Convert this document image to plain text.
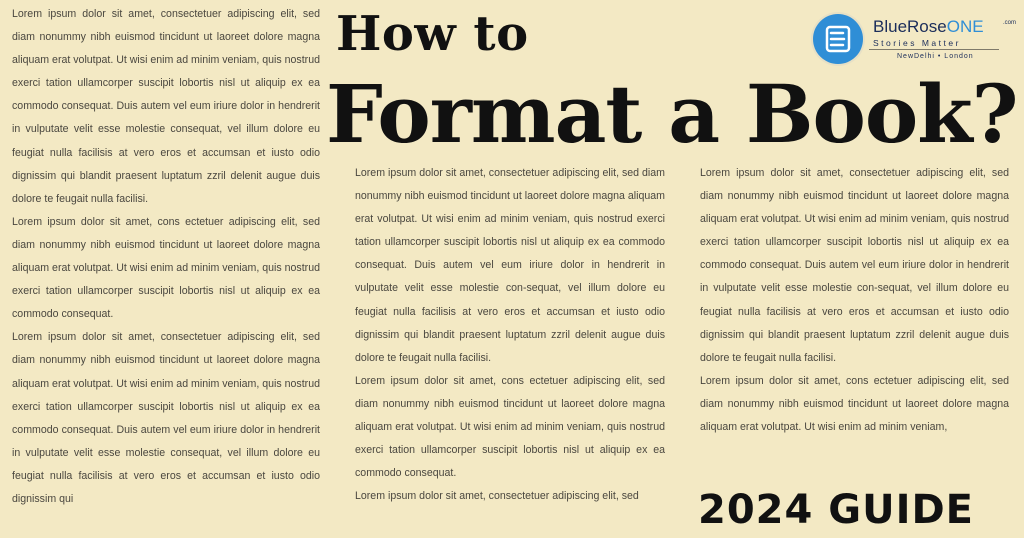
Lorem ipsum dolor sit amet, consectetuer adipiscing elit, sed diam nonummy nibh euismod tincidunt ut laoreet dolore magna aliquam erat volutpat. Ut wisi enim ad minim veniam, quis nostrud exerci tation ullamcorper suscipit lobortis nisl ut aliquip ex ea commodo consequat. Duis autem vel eum iriure dolor in hendrerit in vulputate velit esse molestie consequat, vel illum dolore eu feugiat nulla facilisis at vero eros et accumsan et iusto odio dignissim qui blandit praesent luptatum zzril delenit augue duis dolore te feugait nulla facilisi.

Lorem ipsum dolor sit amet, cons ectetuer adipiscing elit, sed diam nonummy nibh euismod tincidunt ut laoreet dolore magna aliquam erat volutpat. Ut wisi enim ad minim veniam, quis nostrud exerci tation ullamcorper suscipit lobortis nisl ut aliquip ex ea commodo consequat.

Lorem ipsum dolor sit amet, consectetuer adipiscing elit, sed diam nonummy nibh euismod tincidunt ut laoreet dolore magna aliquam erat volutpat. Ut wisi enim ad minim veniam, quis nostrud exerci tation ullamcorper suscipit lobortis nisl ut aliquip ex ea commodo consequat. Duis autem vel eum iriure dolor in hendrerit in vulputate velit esse molestie consequat, vel illum dolore eu feugiat nulla facilisis at vero eros et accumsan et iusto odio dignissim qui

Lorem ipsum dolor sit amet, consectetuer adipiscing elit, sed diam nonummy nibh euismod tincidunt ut laoreet dolore magna aliquam erat volutpat. Ut wisi enim ad minim veniam, quis nostrud exerci tation ullamcorper suscipit lobortis nisl ut aliquip ex ea commodo consequat. Duis autem vel eum iriure dolor in hendrerit in vulputate velit esse molestie con-sequat, vel illum dolore eu feugiat nulla facilisis at vero eros et accumsan et iusto odio dignissim qui blandit praesent luptatum zzril delenit augue duis dolore te feugait nulla facilisi.

Lorem ipsum dolor sit amet, cons ectetuer adipiscing elit, sed diam nonummy nibh euismod tincidunt ut laoreet dolore magna aliquam erat volutpat. Ut wisi enim ad minim veniam, quis nostrud exerci tation ullamcorper suscipit lobortis nisl ut aliquip ex ea commodo consequat.

Lorem ipsum dolor sit amet, consectetuer adipiscing elit, sed

Lorem ipsum dolor sit amet, consectetuer adipiscing elit, sed diam nonummy nibh euismod tincidunt ut laoreet dolore magna aliquam erat volutpat. Ut wisi enim ad minim veniam, quis nostrud exerci tation ullamcorper suscipit lobortis nisl ut aliquip ex ea commodo consequat. Duis autem vel eum iriure dolor in hendrerit in vulputate velit esse molestie con-sequat, vel illum dolore eu feugiat nulla facilisis at vero eros et accumsan et iusto odio dignissim qui blandit praesent luptatum zzril delenit augue duis dolore te feugait nulla facilisi.

Lorem ipsum dolor sit amet, cons ectetuer adipiscing elit, sed diam nonummy nibh euismod tincidunt ut laoreet dolore magna aliquam erat volutpat. Ut wisi enim ad minim veniam,

How to
Format a Book?
2024 GUIDE
BlueRoseONE	.com
Stories Matter
NewDelhi • London
